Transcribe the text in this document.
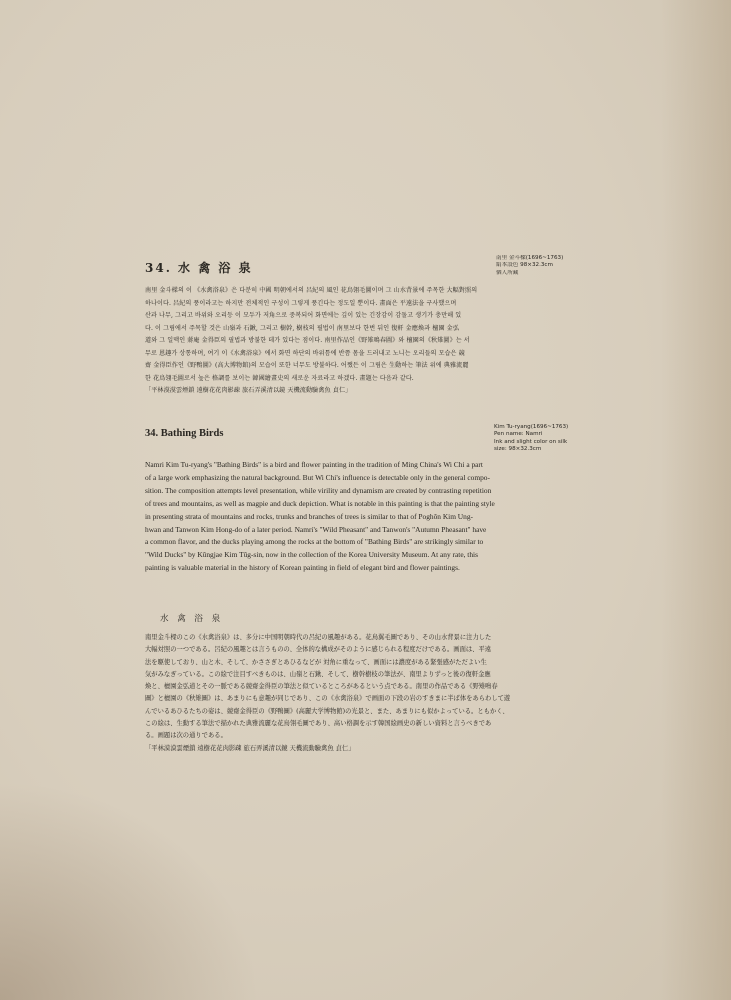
34. 水 禽 浴 泉
南里 金斗樑(1696~1763)
絹本設色 98×32.3cm
個人所藏
南里 金斗樑의 이 《水禽浴泉》은 다분히 中國 明朝에서의 呂紀의 風인 花鳥翎毛圖이며 그 山水背景에 주목한 大幅對照의
하나이다. 呂紀의 풍이라고는 하지만 전체적인 구성이 그렇게 풍긴다는 정도일 뿐이다. 畫面은 平遠法을 구사했으며
산과 나무, 그리고 바위와 오리등 이 모두가 저角으로 중복되어 화면에는 깊이 있는 긴장감이 감돌고 생기가 충만해 있
다. 이 그림에서 주목할 것은 山嶺과 石鍬, 그리고 樹幹, 樹枝의 필법이 南里보다 한번 뒤인 復軒 金應煥과 檀園 金弘
道와 그 일맥인 蔣庵 金得臣의 필법과 방불한 데가 있다는 점이다. 南里作品인《野雉鳴春圖》와 檀園의《秋雉圖》는 서
무로 恩趣가 상통하며, 여기 이《水禽浴泉》에서 화면 하단의 바위틈에 반쯤 몸을 드러내고 노니는 오리들의 모습은 競
齋 金得臣作인《野鴨圖》(高大博物館)의 모습이 또한 너무도 방불하다. 어쨌든 이 그림은 生動하는 筆法 위에 典雅流麗
한 花鳥翎毛圖로서 높은 格調를 보이는 韓國繪畫史의 새로운 자료라고 하겠다. 畫題는 다음과 같다.
「平林漠漠雲煙鎖 遠樹花花肉影疎 旅石弄溪清以鏡 天機流動驗禽魚 貞仁」
34. Bathing Birds
Kim Tu-ryang(1696~1763)
Pen name: Namri
Ink and slight color on silk
size: 98×32.3cm
Namri Kim Tu-ryang's "Bathing Birds" is a bird and flower painting in the tradition of Ming China's Wi Chi a part
of a large work emphasizing the natural background. But Wi Chi's influence is detectable only in the general compo-
sition. The composition attempts level presentation, while virility and dynamism are created by contrasting repetition
of trees and mountains, as well as magpie and duck depiction. What is notable in this painting is that the painting style
in presenting strata of mountains and rocks, trunks and branches of trees is similar to that of Poghŏn Kim Ung-
hwan and Tanwon Kim Hong-do of a later period. Namri's "Wild Pheasant" and Tanwon's "Autumn Pheasant" have
a common flavor, and the ducks playing among the rocks at the bottom of "Bathing Birds" are strikingly similar to
"Wild Ducks" by Kŭngjae Kim Tŭg-sin, now in the collection of the Korea University Museum. At any rate, this
painting is valuable material in the history of Korean painting in field of elegant bird and flower paintings.
水 禽 浴 泉
南里金斗樑のこの《水禽浴泉》は、多分に中国明朝時代の呂紀の風趣がある。花鳥翼毛圖であり、その山水背景に注力した
大幅対照の一つである。呂紀の風趣とは言うものの、全体的な構成がそのように感じられる程度だけである。画面は、平遠
法を駆使しており、山と木、そして、かささぎとあひるなどが 対角に重なって、画面には濃度がある緊張感がただよい生
気がみなぎっている。この絵で注目すべきものは、山嶺と石鍬、そして、樹幹樹枝の筆法が、南里よりずっと後の復軒金應
煥と、檀園金弘道とその一脈である競齋金得臣の筆法と似ているところがあるという点である。南里の作品である《野雉鳴春
圖》と檀園の《秋雉圖》は、あまりにも意趣が同じであり、この《水禽浴泉》で画面の下段の岩のすきまに半ば体をあらわして遊
んでいるあひるたちの姿は、競齋金得臣の《野鴨圖》(高麗大学博物館)の光景と、また、あまりにも似かよっている。ともかく、
この絵は、生動する筆法で描かれた典雅流麗な花鳥翎毛圖であり、高い格調を示す韓国絵画史の新しい資料と言うべきであ
る。画題は次の通りである。
「平林漠漠雲煙鎖 遠樹花花肉影疎 旅石弄溪清以鏡 天機流動驗禽魚 貞仁」
